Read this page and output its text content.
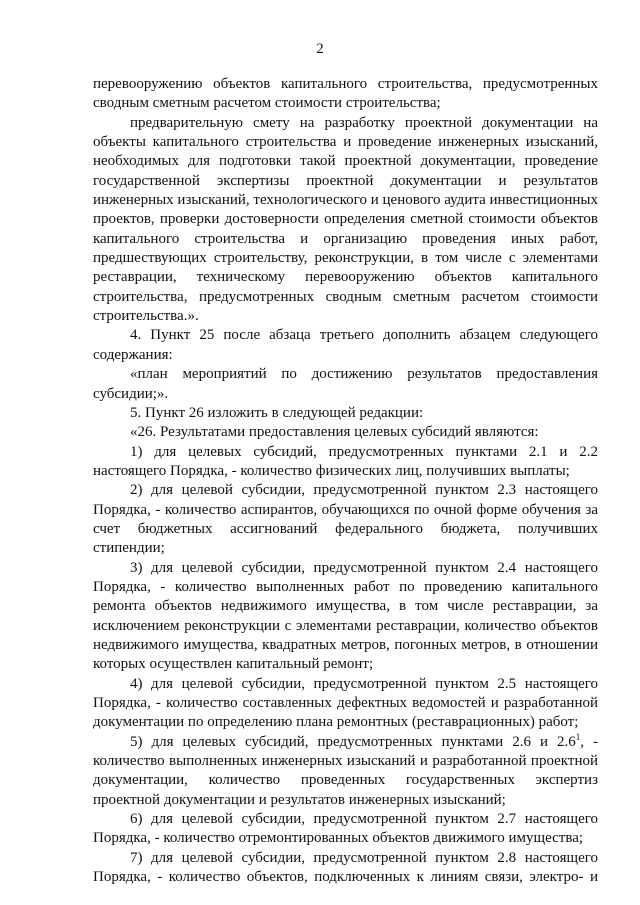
2

перевооружению объектов капитального строительства, предусмотренных сводным сметным расчетом стоимости строительства;

предварительную смету на разработку проектной документации на объекты капитального строительства и проведение инженерных изысканий, необходимых для подготовки такой проектной документации, проведение государственной экспертизы проектной документации и результатов инженерных изысканий, технологического и ценового аудита инвестиционных проектов, проверки достоверности определения сметной стоимости объектов капитального строительства и организацию проведения иных работ, предшествующих строительству, реконструкции, в том числе с элементами реставрации, техническому перевооружению объектов капитального строительства, предусмотренных сводным сметным расчетом стоимости строительства.».

4. Пункт 25 после абзаца третьего дополнить абзацем следующего содержания:

«план мероприятий по достижению результатов предоставления субсидии;».

5. Пункт 26 изложить в следующей редакции:

«26. Результатами предоставления целевых субсидий являются:

1) для целевых субсидий, предусмотренных пунктами 2.1 и 2.2 настоящего Порядка, - количество физических лиц, получивших выплаты;

2) для целевой субсидии, предусмотренной пунктом 2.3 настоящего Порядка, - количество аспирантов, обучающихся по очной форме обучения за счет бюджетных ассигнований федерального бюджета, получивших стипендии;

3) для целевой субсидии, предусмотренной пунктом 2.4 настоящего Порядка, - количество выполненных работ по проведению капитального ремонта объектов недвижимого имущества, в том числе реставрации, за исключением реконструкции с элементами реставрации, количество объектов недвижимого имущества, квадратных метров, погонных метров, в отношении которых осуществлен капитальный ремонт;

4) для целевой субсидии, предусмотренной пунктом 2.5 настоящего Порядка, - количество составленных дефектных ведомостей и разработанной документации по определению плана ремонтных (реставрационных) работ;

5) для целевых субсидий, предусмотренных пунктами 2.6 и $2.6^1$, - количество выполненных инженерных изысканий и разработанной проектной документации, количество проведенных государственных экспертиз проектной документации и результатов инженерных изысканий;

6) для целевой субсидии, предусмотренной пунктом 2.7 настоящего Порядка, - количество отремонтированных объектов движимого имущества;

7) для целевой субсидии, предусмотренной пунктом 2.8 настоящего Порядка, - количество объектов, подключенных к линиям связи, электро- и
